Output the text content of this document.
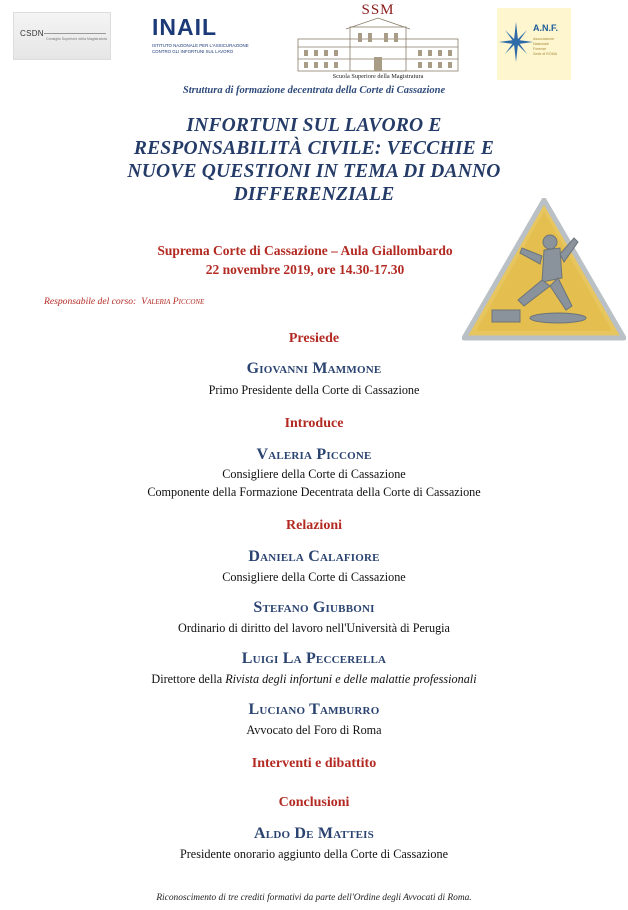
CSDN
Consiglio Superiore della Magistratura INAIL
ISTITUTO NAZIONALE PER L'ASSICURAZIONE
CONTRO GLI INFORTUNI SUL LAVORO
SSM
Scuola Superiore della Magistratura
A.N.F.
Associazione
Nazionale
Forense
Sede di ROMA
Struttura di formazione decentrata della Corte di Cassazione
INFORTUNI SUL LAVORO E
RESPONSABILITÀ CIVILE: VECCHIE E
NUOVE QUESTIONI IN TEMA DI DANNO
DIFFERENZIALE
Suprema Corte di Cassazione – Aula Giallombardo
22 novembre 2019, ore 14.30-17.30
Responsabile del corso: Valeria Piccone
Presiede
Giovanni Mammone
Primo Presidente della Corte di Cassazione
Introduce
Valeria Piccone
Consigliere della Corte di Cassazione
Componente della Formazione Decentrata della Corte di Cassazione
Relazioni
Daniela Calafiore
Consigliere della Corte di Cassazione
Stefano Giubboni
Ordinario di diritto del lavoro nell'Università di Perugia
Luigi La Peccerella
Direttore della Rivista degli infortuni e delle malattie professionali
Luciano Tamburro
Avvocato del Foro di Roma
Interventi e dibattito
Conclusioni
Aldo De Matteis
Presidente onorario aggiunto della Corte di Cassazione
Riconoscimento di tre crediti formativi da parte dell'Ordine degli Avvocati di Roma.
